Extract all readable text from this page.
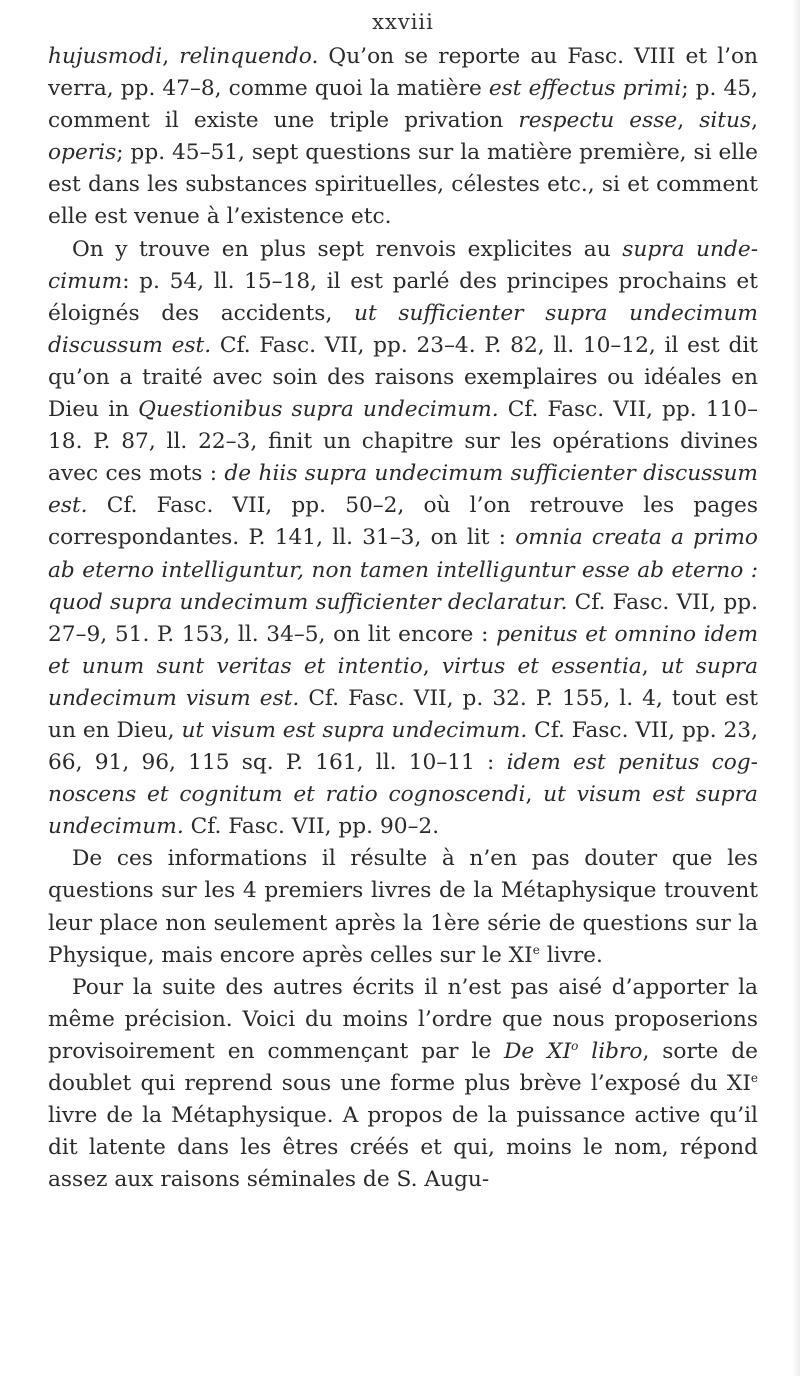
xxviii

hujusmodi, relinquendo. Qu’on se reporte au Fasc. VIII et l’on verra, pp. 47–8, comme quoi la matière est effectus primi; p. 45, comment il existe une triple privation respectu esse, situs, operis; pp. 45–51, sept questions sur la matière première, si elle est dans les substances spirituelles, célestes etc., si et comment elle est venue à l’existence etc.

On y trouve en plus sept renvois explicites au supra undecimum: p. 54, ll. 15–18, il est parlé des principes prochains et éloignés des accidents, ut sufficienter supra undecimum discussum est. Cf. Fasc. VII, pp. 23–4. P. 82, ll. 10–12, il est dit qu’on a traité avec soin des raisons exemplaires ou idéales en Dieu in Questionibus supra undecimum. Cf. Fasc. VII, pp. 110–18. P. 87, ll. 22–3, finit un chapitre sur les opérations divines avec ces mots : de hiis supra undecimum sufficienter discussum est. Cf. Fasc. VII, pp. 50–2, où l’on retrouve les pages correspondantes. P. 141, ll. 31–3, on lit : omnia creata a primo ab eterno intelliguntur, non tamen intelliguntur esse ab eterno : quod supra undecimum sufficienter declaratur. Cf. Fasc. VII, pp. 27–9, 51. P. 153, ll. 34–5, on lit encore : penitus et omnino idem et unum sunt veritas et intentio, virtus et essentia, ut supra undecimum visum est. Cf. Fasc. VII, p. 32. P. 155, l. 4, tout est un en Dieu, ut visum est supra undecimum. Cf. Fasc. VII, pp. 23, 66, 91, 96, 115 sq. P. 161, ll. 10–11 : idem est penitus cognoscens et cognitum et ratio cognoscendi, ut visum est supra undecimum. Cf. Fasc. VII, pp. 90–2.

De ces informations il résulte à n’en pas douter que les questions sur les 4 premiers livres de la Métaphysique trouvent leur place non seulement après la 1ère série de questions sur la Physique, mais encore après celles sur le XIe livre.

Pour la suite des autres écrits il n’est pas aisé d’apporter la même précision. Voici du moins l’ordre que nous proposerions provisoirement en commençant par le De $XI^o$ libro, sorte de doublet qui reprend sous une forme plus brève l’exposé du XIe livre de la Métaphysique. A propos de la puissance active qu’il dit latente dans les êtres créés et qui, moins le nom, répond assez aux raisons séminales de S. Augu-
